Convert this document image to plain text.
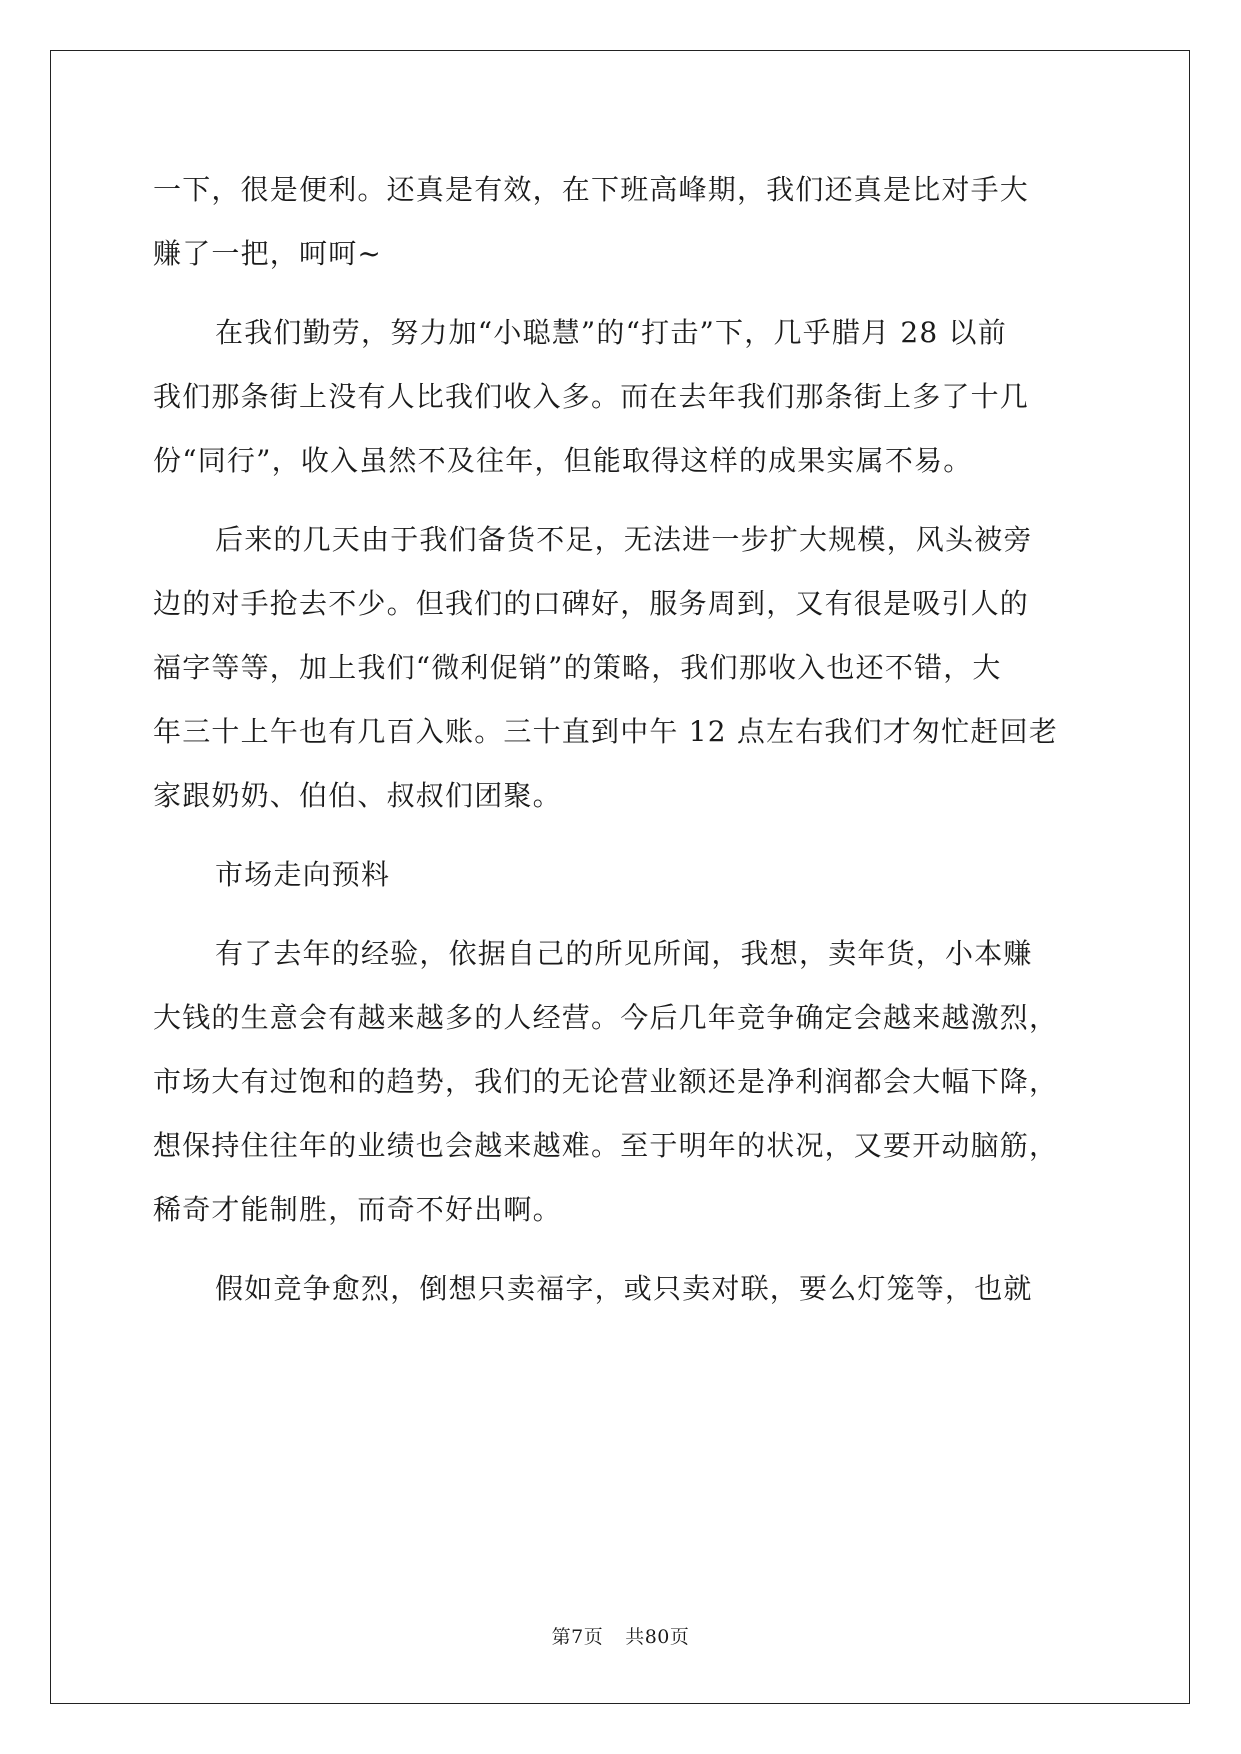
一下，很是便利。还真是有效，在下班高峰期，我们还真是比对手大
赚了一把，呵呵~
在我们勤劳，努力加“小聪慧”的“打击”下，几乎腊月 28 以前
我们那条街上没有人比我们收入多。而在去年我们那条街上多了十几
份“同行”，收入虽然不及往年，但能取得这样的成果实属不易。
后来的几天由于我们备货不足，无法进一步扩大规模，风头被旁
边的对手抢去不少。但我们的口碑好，服务周到，又有很是吸引人的
福字等等，加上我们“微利促销”的策略，我们那收入也还不错，大
年三十上午也有几百入账。三十直到中午 12 点左右我们才匆忙赶回老
家跟奶奶、伯伯、叔叔们团聚。
市场走向预料
有了去年的经验，依据自己的所见所闻，我想，卖年货，小本赚
大钱的生意会有越来越多的人经营。今后几年竞争确定会越来越激烈，
市场大有过饱和的趋势，我们的无论营业额还是净利润都会大幅下降，
想保持住往年的业绩也会越来越难。至于明年的状况，又要开动脑筋，
稀奇才能制胜，而奇不好出啊。
假如竞争愈烈，倒想只卖福字，或只卖对联，要么灯笼等，也就
第7页 共80页
